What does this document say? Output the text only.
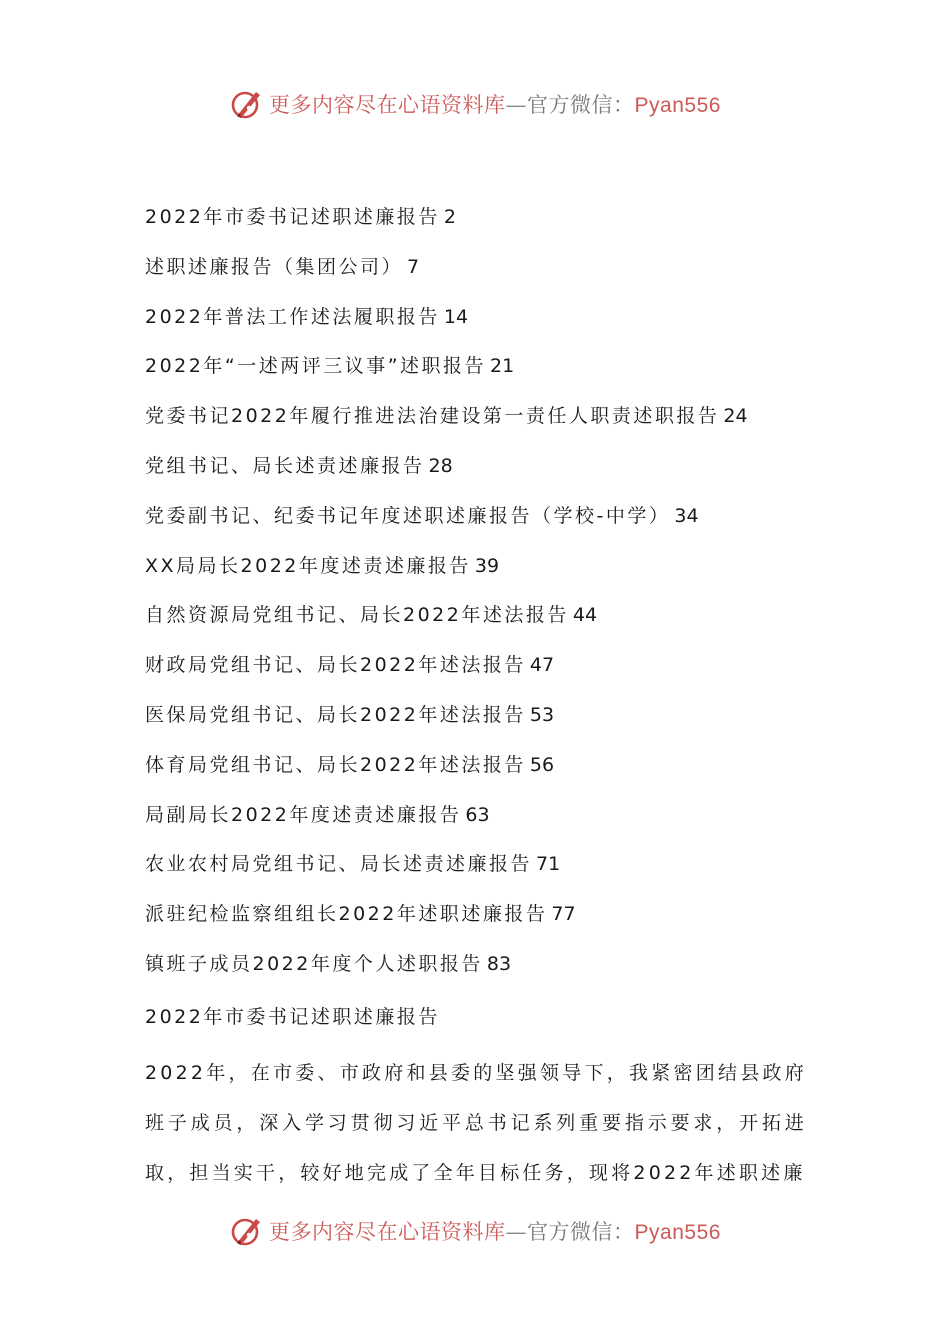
更多内容尽在心语资料库—官方微信：Pyan556
2022年市委书记述职述廉报告 2
述职述廉报告（集团公司） 7
2022年普法工作述法履职报告 14
2022年“一述两评三议事”述职报告 21
党委书记2022年履行推进法治建设第一责任人职责述职报告 24
党组书记、局长述责述廉报告 28
党委副书记、纪委书记年度述职述廉报告（学校-中学） 34
XX局局长2022年度述责述廉报告 39
自然资源局党组书记、局长2022年述法报告 44
财政局党组书记、局长2022年述法报告 47
医保局党组书记、局长2022年述法报告 53
体育局党组书记、局长2022年述法报告 56
局副局长2022年度述责述廉报告 63
农业农村局党组书记、局长述责述廉报告 71
派驻纪检监察组组长2022年述职述廉报告 77
镇班子成员2022年度个人述职报告 83
2022年市委书记述职述廉报告
2022年，在市委、市政府和县委的坚强领导下，我紧密团结县政府班子成员，深入学习贯彻习近平总书记系列重要指示要求，开拓进取，担当实干，较好地完成了全年目标任务，现将2022年述职述廉
更多内容尽在心语资料库—官方微信：Pyan556
